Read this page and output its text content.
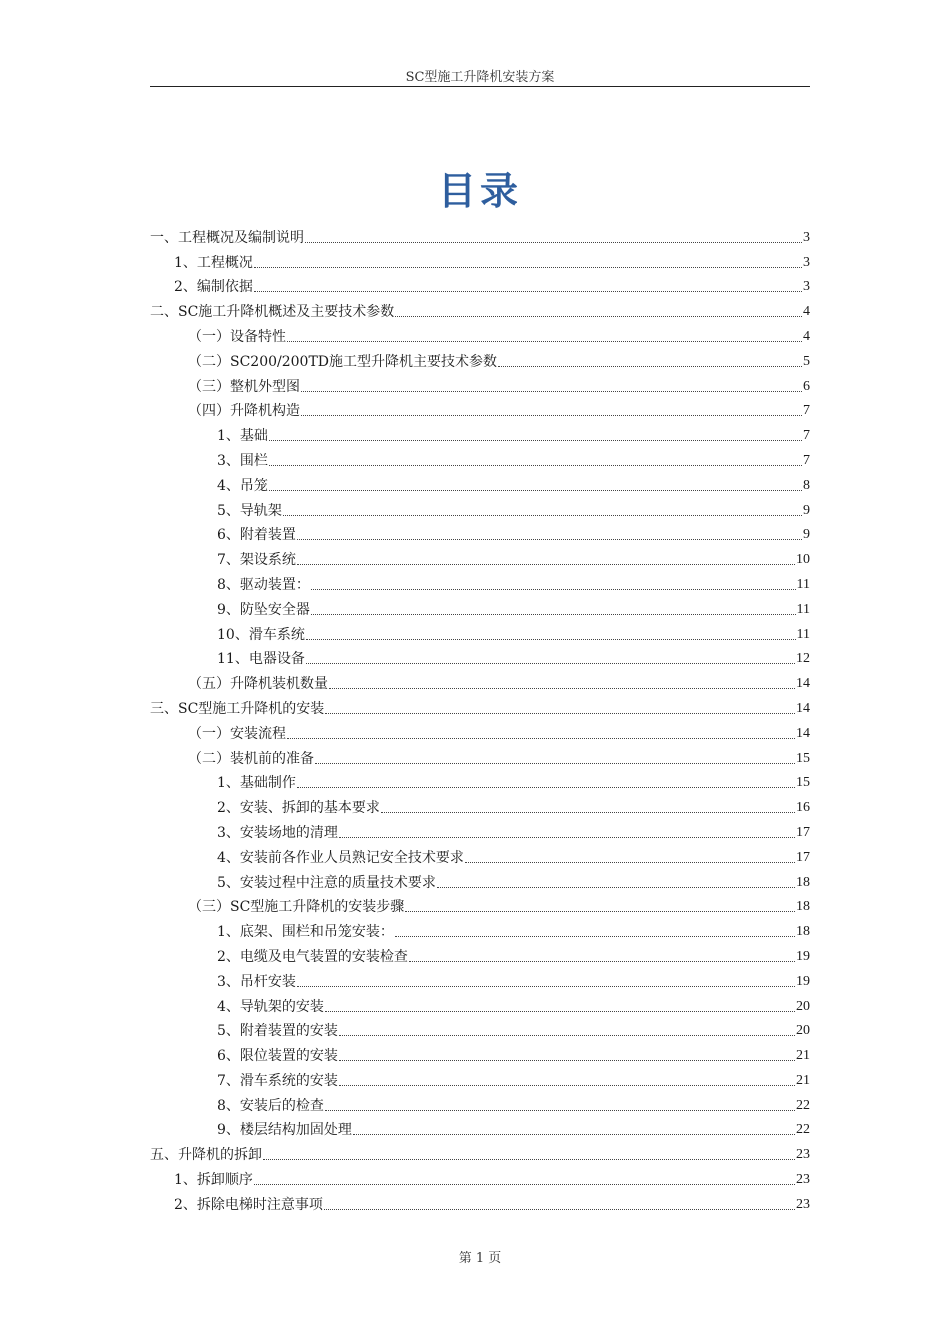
SC型施工升降机安装方案
目录
一、工程概况及编制说明	3
1、工程概况	3
2、编制依据	3
二、SC施工升降机概述及主要技术参数	4
（一）设备特性	4
（二）SC200/200TD施工型升降机主要技术参数	5
（三）整机外型图	6
（四）升降机构造	7
1、基础	7
3、围栏	7
4、吊笼	8
5、导轨架	9
6、附着装置	9
7、架设系统	10
8、驱动装置：	11
9、防坠安全器	11
10、滑车系统	11
11、电器设备	12
（五）升降机装机数量	14
三、SC型施工升降机的安装	14
（一）安装流程	14
（二）装机前的准备	15
1、基础制作	15
2、安装、拆卸的基本要求	16
3、安装场地的清理	17
4、安装前各作业人员熟记安全技术要求	17
5、安装过程中注意的质量技术要求	18
（三）SC型施工升降机的安装步骤	18
1、底架、围栏和吊笼安装：	18
2、电缆及电气装置的安装检查	19
3、吊杆安装	19
4、导轨架的安装	20
5、附着装置的安装	20
6、限位装置的安装	21
7、滑车系统的安装	21
8、安装后的检查	22
9、楼层结构加固处理	22
五、升降机的拆卸	23
1、拆卸顺序	23
2、拆除电梯时注意事项	23
第 1 页
